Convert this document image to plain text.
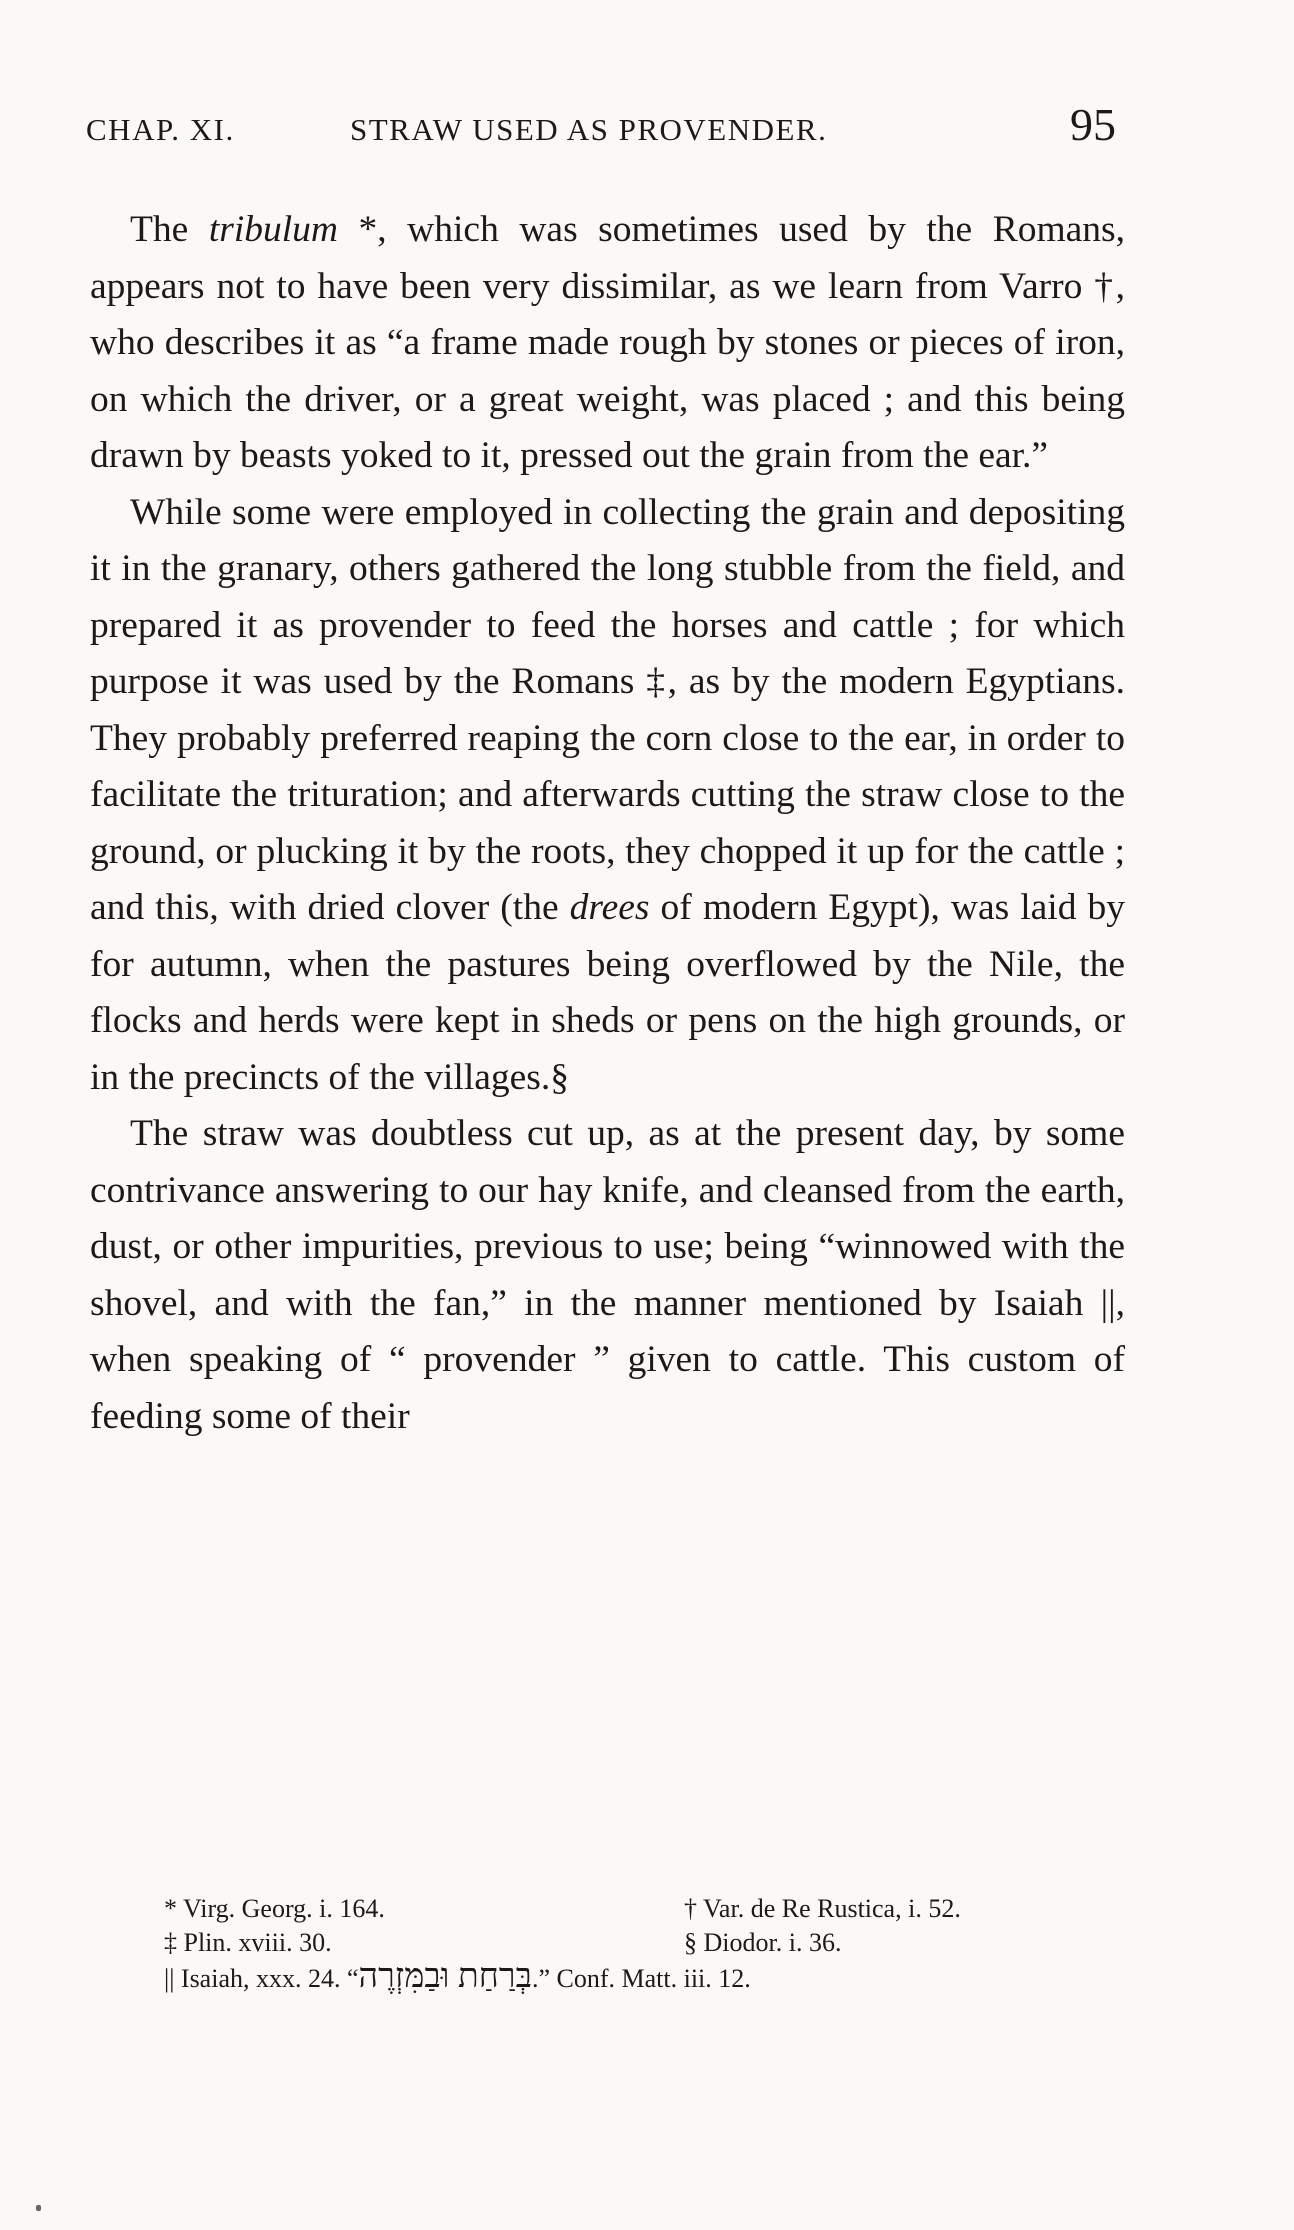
CHAP. XI.	STRAW USED AS PROVENDER.	95

The tribulum *, which was sometimes used by the Romans, appears not to have been very dissimilar, as we learn from Varro †, who describes it as “a frame made rough by stones or pieces of iron, on which the driver, or a great weight, was placed ; and this being drawn by beasts yoked to it, pressed out the grain from the ear.”

While some were employed in collecting the grain and depositing it in the granary, others gathered the long stubble from the field, and prepared it as provender to feed the horses and cattle ; for which purpose it was used by the Romans ‡, as by the modern Egyptians. They probably preferred reaping the corn close to the ear, in order to facilitate the trituration; and afterwards cutting the straw close to the ground, or plucking it by the roots, they chopped it up for the cattle ; and this, with dried clover (the drees of modern Egypt), was laid by for autumn, when the pastures being overflowed by the Nile, the flocks and herds were kept in sheds or pens on the high grounds, or in the precincts of the villages.§

The straw was doubtless cut up, as at the present day, by some contrivance answering to our hay knife, and cleansed from the earth, dust, or other impurities, previous to use; being “winnowed with the shovel, and with the fan,” in the manner mentioned by Isaiah ||, when speaking of “ provender ” given to cattle. This custom of feeding some of their

* Virg. Georg. i. 164.	† Var. de Re Rustica, i. 52.
‡ Plin. xviii. 30.	§ Diodor. i. 36.
|| Isaiah, xxx. 24. “בְּרַחַת וּבַמִּזְרֶה.” Conf. Matt. iii. 12.
